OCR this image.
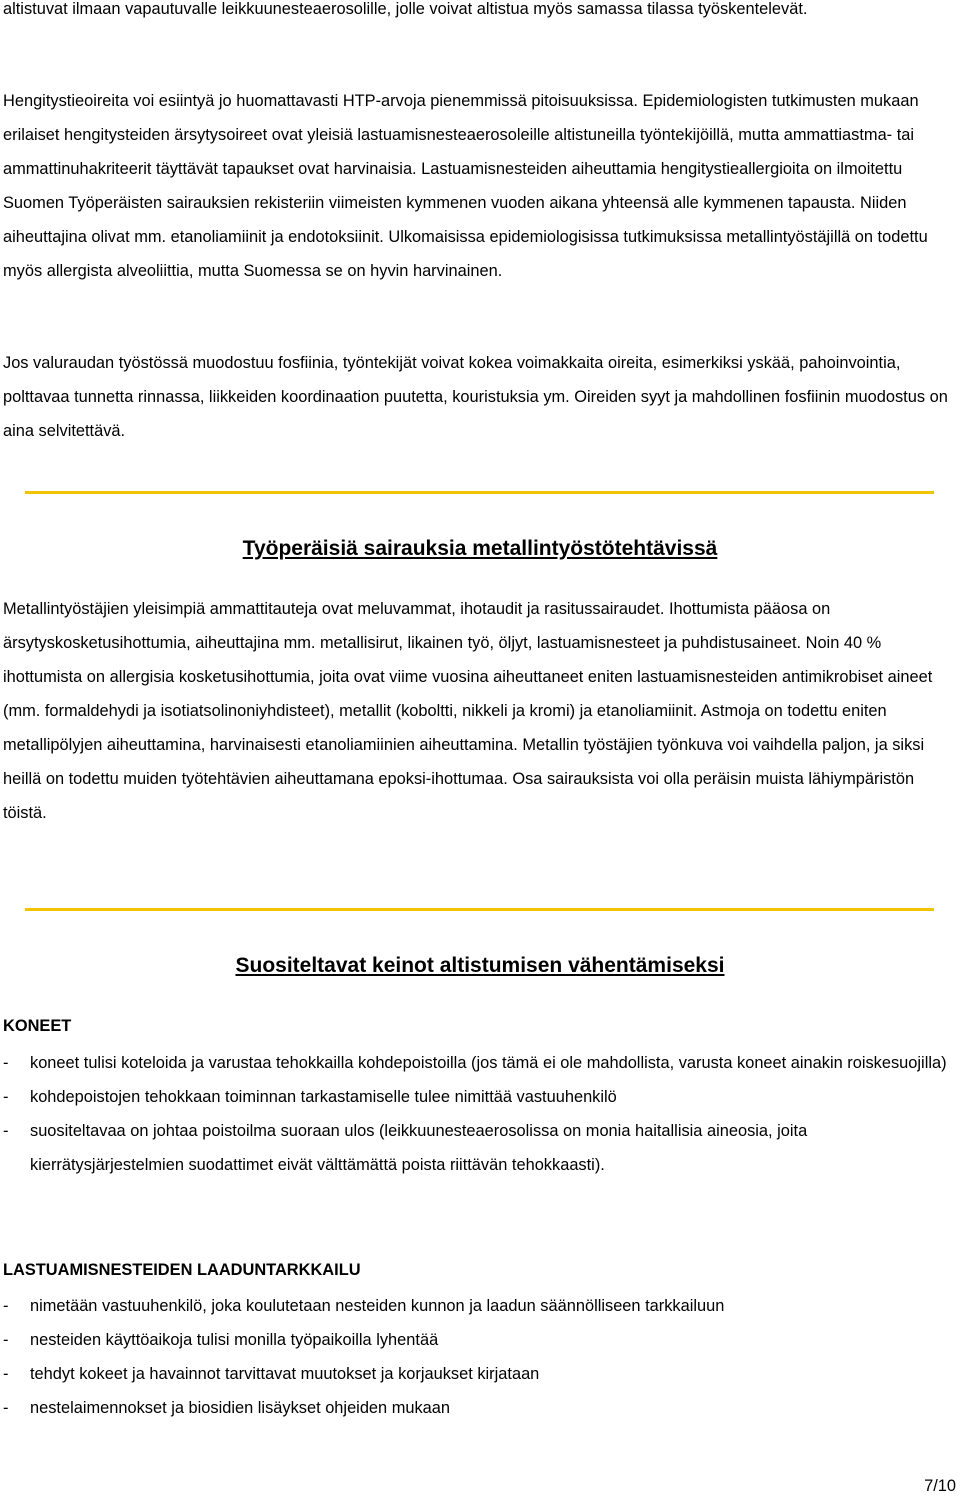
altistuvat ilmaan vapautuvalle leikkuunesteaerosolille, jolle voivat altistua myös samassa tilassa työskentelevät.

Hengitystieoireita voi esiintyä jo huomattavasti HTP-arvoja pienemmissä pitoisuuksissa. Epidemiologisten tutkimusten mukaan erilaiset hengitysteiden ärsytysoireet ovat yleisiä lastuamisnesteaerosoleille altistuneilla työntekijöillä, mutta ammattiastma- tai ammattinuhakriteerit täyttävät tapaukset ovat harvinaisia. Lastuamisnesteiden aiheuttamia hengitystieallergioita on ilmoitettu Suomen Työperäisten sairauksien rekisteriin viimeisten kymmenen vuoden aikana yhteensä alle kymmenen tapausta. Niiden aiheuttajina olivat mm. etanoliamiinit ja endotoksiinit. Ulkomaisissa epidemiologisissa tutkimuksissa metallintyöstäjillä on todettu myös allergista alveoliittia, mutta Suomessa se on hyvin harvinainen.

Jos valuraudan työstössä muodostuu fosfiinia, työntekijät voivat kokea voimakkaita oireita, esimerkiksi yskää, pahoinvointia, polttavaa tunnetta rinnassa, liikkeiden koordinaation puutetta, kouristuksia ym. Oireiden syyt ja mahdollinen fosfiinin muodostus on aina selvitettävä.

Työperäisiä sairauksia metallintyöstötehtävissä

Metallintyöstäjien yleisimpiä ammattitauteja ovat meluvammat, ihotaudit ja rasitussairaudet. Ihottumista pääosa on ärsytyskosketusihottumia, aiheuttajina mm. metallisirut, likainen työ, öljyt, lastuamisnesteet ja puhdistusaineet. Noin 40 % ihottumista on allergisia kosketusihottumia, joita ovat viime vuosina aiheuttaneet eniten lastuamisnesteiden antimikrobiset aineet (mm. formaldehydi ja isotiatsolinoniyhdisteet), metallit (koboltti, nikkeli ja kromi) ja etanoliamiinit. Astmoja on todettu eniten metallipölyjen aiheuttamina, harvinaisesti etanoliamiinien aiheuttamina. Metallin työstäjien työnkuva voi vaihdella paljon, ja siksi heillä on todettu muiden työtehtävien aiheuttamana epoksi-ihottumaa. Osa sairauksista voi olla peräisin muista lähiympäristön töistä.

Suositeltavat keinot altistumisen vähentämiseksi
KONEET
- koneet tulisi koteloida ja varustaa tehokkailla kohdepoistoilla (jos tämä ei ole mahdollista, varusta koneet ainakin roiskesuojilla)
- kohdepoistojen tehokkaan toiminnan tarkastamiselle tulee nimittää vastuuhenkilö
- suositeltavaa on johtaa poistoilma suoraan ulos (leikkuunesteaerosolissa on monia haitallisia aineosia, joita kierrätysjärjestelmien suodattimet eivät välttämättä poista riittävän tehokkaasti).
LASTUAMISNESTEIDEN LAADUNTARKKAILU
- nimetään vastuuhenkilö, joka koulutetaan nesteiden kunnon ja laadun säännölliseen tarkkailuun
- nesteiden käyttöaikoja tulisi monilla työpaikoilla lyhentää
- tehdyt kokeet ja havainnot tarvittavat muutokset ja korjaukset kirjataan
- nestelaimennokset ja biosidien lisäykset ohjeiden mukaan
7/10
